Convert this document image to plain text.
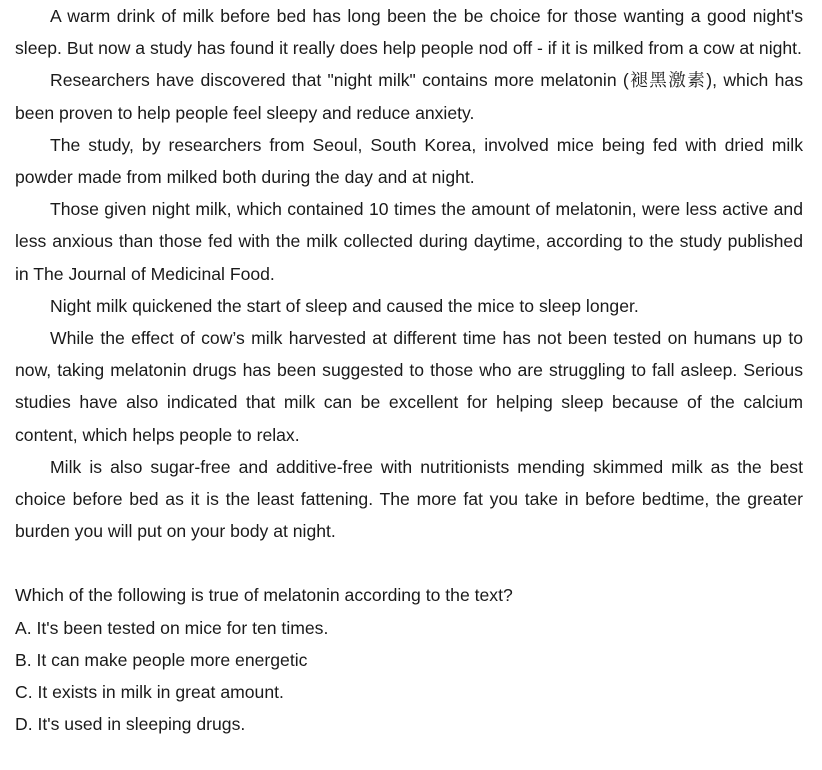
A warm drink of milk before bed has long been the be choice for those wanting a good night's sleep. But now a study has found it really does help people nod off - if it is milked from a cow at night.

Researchers have discovered that "night milk" contains more melatonin (褪黑激素), which has been proven to help people feel sleepy and reduce anxiety.

The study, by researchers from Seoul, South Korea, involved mice being fed with dried milk powder made from milked both during the day and at night.

Those given night milk, which contained 10 times the amount of melatonin, were less active and less anxious than those fed with the milk collected during daytime, according to the study published in The Journal of Medicinal Food.

Night milk quickened the start of sleep and caused the mice to sleep longer.

While the effect of cow’s milk harvested at different time has not been tested on humans up to now, taking melatonin drugs has been suggested to those who are struggling to fall asleep. Serious studies have also indicated that milk can be excellent for helping sleep because of the calcium content, which helps people to relax.

Milk is also sugar-free and additive-free with nutritionists mending skimmed milk as the best choice before bed as it is the least fattening. The more fat you take in before bedtime, the greater burden you will put on your body at night.

Which of the following is true of melatonin according to the text?

A. It's been tested on mice for ten times.

B. It can make people more energetic

C. It exists in milk in great amount.

D. It's used in sleeping drugs.
